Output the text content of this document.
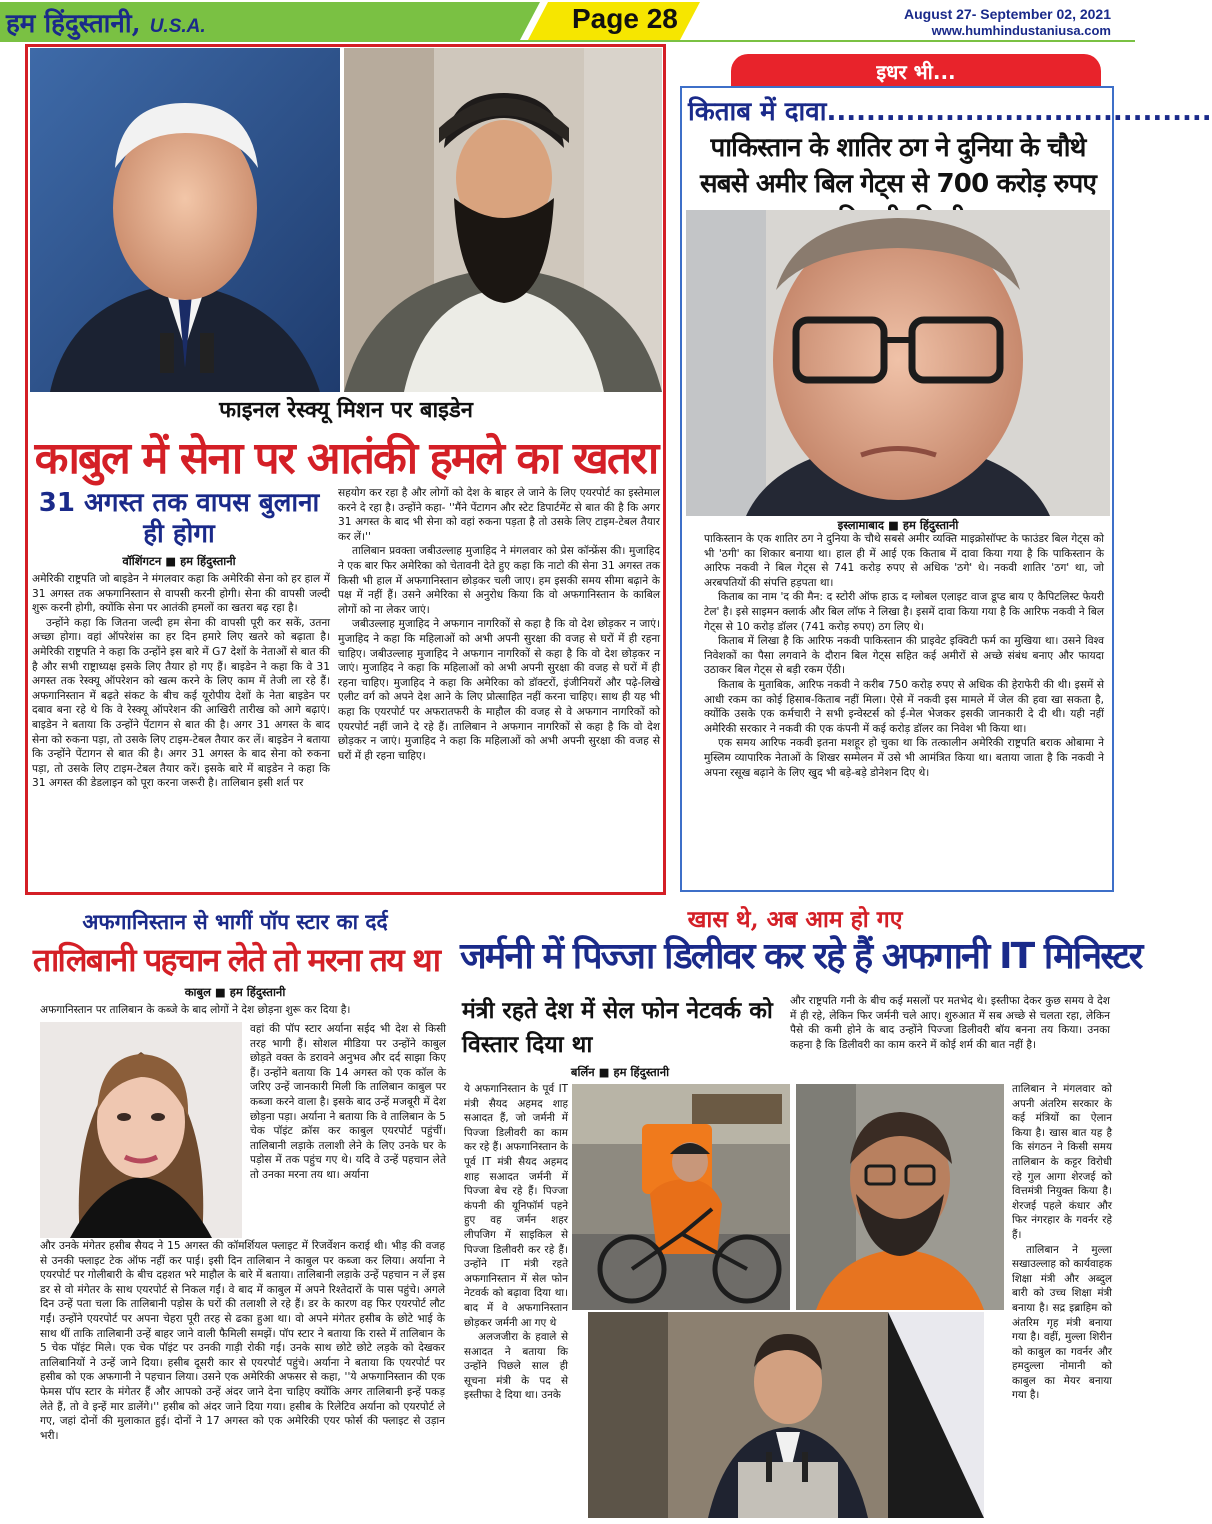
हम हिंदुस्तानी, U.S.A.	Page 28	August 27- September 02, 2021
www.humhindustaniusa.com
फाइनल रेस्क्यू मिशन पर बाइडेन
काबुल में सेना पर आतंकी हमले का खतरा
31 अगस्त तक वापस बुलाना ही होगा
वॉशिंगटन ■ हम हिंदुस्तानी

अमेरिकी राष्ट्रपति जो बाइडेन ने मंगलवार कहा कि अमेरिकी सेना को हर हाल में 31 अगस्त तक अफगानिस्तान से वापसी करनी होगी। सेना की वापसी जल्दी शुरू करनी होगी, क्योंकि सेना पर आतंकी हमलों का खतरा बढ़ रहा है।

उन्होंने कहा कि जितना जल्दी हम सेना की वापसी पूरी कर सकें, उतना अच्छा होगा। वहां ऑपरेशंस का हर दिन हमारे लिए खतरे को बढ़ाता है। अमेरिकी राष्ट्रपति ने कहा कि उन्होंने इस बारे में G7 देशों के नेताओं से बात की है और सभी राष्ट्राध्यक्ष इसके लिए तैयार हो गए हैं। बाइडेन ने कहा कि वे 31 अगस्त तक रेस्क्यू ऑपरेशन को खत्म करने के लिए काम में तेजी ला रहे हैं। अफगानिस्तान में बढ़ते संकट के बीच कई यूरोपीय देशों के नेता बाइडेन पर दबाव बना रहे थे कि वे रेस्क्यू ऑपरेशन की आखिरी तारीख को आगे बढ़ाएं। बाइडेन ने बताया कि उन्होंने पेंटागन से बात की है। अगर 31 अगस्त के बाद सेना को रुकना पड़ा, तो उसके लिए टाइम-टेबल तैयार कर लें। बाइडेन ने बताया कि उन्होंने पेंटागन से बात की है। अगर 31 अगस्त के बाद सेना को रुकना पड़ा, तो उसके लिए टाइम-टेबल तैयार करें। इसके बारे में बाइडेन ने कहा कि 31 अगस्त की डेडलाइन को पूरा करना जरूरी है। तालिबान इसी शर्त पर

सहयोग कर रहा है और लोगों को देश के बाहर ले जाने के लिए एयरपोर्ट का इस्तेमाल करने दे रहा है। उन्होंने कहा- ''मैंने पेंटागन और स्टेट डिपार्टमेंट से बात की है कि अगर 31 अगस्त के बाद भी सेना को वहां रुकना पड़ता है तो उसके लिए टाइम-टेबल तैयार कर लें।''

तालिबान प्रवक्ता जबीउल्लाह मुजाहिद ने मंगलवार को प्रेस कॉन्फ्रेंस की। मुजाहिद ने एक बार फिर अमेरिका को चेतावनी देते हुए कहा कि नाटो की सेना 31 अगस्त तक किसी भी हाल में अफगानिस्तान छोड़कर चली जाए। हम इसकी समय सीमा बढ़ाने के पक्ष में नहीं हैं। उसने अमेरिका से अनुरोध किया कि वो अफगानिस्तान के काबिल लोगों को ना लेकर जाएं।

जबीउल्लाह मुजाहिद ने अफगान नागरिकों से कहा है कि वो देश छोड़कर न जाएं। मुजाहिद ने कहा कि महिलाओं को अभी अपनी सुरक्षा की वजह से घरों में ही रहना चाहिए। जबीउल्लाह मुजाहिद ने अफगान नागरिकों से कहा है कि वो देश छोड़कर न जाएं। मुजाहिद ने कहा कि महिलाओं को अभी अपनी सुरक्षा की वजह से घरों में ही रहना चाहिए। मुजाहिद ने कहा कि अमेरिका को डॉक्टरों, इंजीनियरों और पढ़े-लिखे एलीट वर्ग को अपने देश आने के लिए प्रोत्साहित नहीं करना चाहिए। साथ ही यह भी कहा कि एयरपोर्ट पर अफरातफरी के माहौल की वजह से वे अफगान नागरिकों को एयरपोर्ट नहीं जाने दे रहे हैं। तालिबान ने अफगान नागरिकों से कहा है कि वो देश छोड़कर न जाएं। मुजाहिद ने कहा कि महिलाओं को अभी अपनी सुरक्षा की वजह से घरों में ही रहना चाहिए।

इधर भी...
किताब में दावा.......................................
पाकिस्तान के शातिर ठग ने दुनिया के चौथे सबसे अमीर बिल गेट्स से 700 करोड़ रुपए
इस्लामाबाद ■ हम हिंदुस्तानी

पाकिस्तान के एक शातिर ठग ने दुनिया के चौथे सबसे अमीर व्यक्ति माइक्रोसॉफ्ट के फाउंडर बिल गेट्स को भी 'ठगी' का शिकार बनाया था। हाल ही में आई एक किताब में दावा किया गया है कि पाकिस्तान के आरिफ नकवी ने बिल गेट्स से 741 करोड़ रुपए से अधिक 'ठगे' थे। नकवी शातिर 'ठग' था, जो अरबपतियों की संपत्ति हड़पता था।

किताब का नाम 'द की मैन: द स्टोरी ऑफ हाऊ द ग्लोबल एलाइट वाज डूप्ड बाय ए कैपिटलिस्ट फेयरी टेल' है। इसे साइमन क्लार्क और बिल लॉफ ने लिखा है। इसमें दावा किया गया है कि आरिफ नकवी ने बिल गेट्स से 10 करोड़ डॉलर (741 करोड़ रुपए) ठग लिए थे।

किताब में लिखा है कि आरिफ नकवी पाकिस्तान की प्राइवेट इक्विटी फर्म का मुखिया था। उसने विश्व निवेशकों का पैसा लगवाने के दौरान बिल गेट्स सहित कई अमीरों से अच्छे संबंध बनाए और फायदा उठाकर बिल गेट्स से बड़ी रकम ऐंठी।

किताब के मुताबिक, आरिफ नकवी ने करीब 750 करोड़ रुपए से अधिक की हेराफेरी की थी। इसमें से आधी रकम का कोई हिसाब-किताब नहीं मिला। ऐसे में नकवी इस मामले में जेल की हवा खा सकता है, क्योंकि उसके एक कर्मचारी ने सभी इन्वेस्टर्स को ई-मेल भेजकर इसकी जानकारी दे दी थी। यही नहीं अमेरिकी सरकार ने नकवी की एक कंपनी में कई करोड़ डॉलर का निवेश भी किया था।

एक समय आरिफ नकवी इतना मशहूर हो चुका था कि तत्कालीन अमेरिकी राष्ट्रपति बराक ओबामा ने मुस्लिम व्यापारिक नेताओं के शिखर सम्मेलन में उसे भी आमंत्रित किया था। बताया जाता है कि नकवी ने अपना रसूख बढ़ाने के लिए खुद भी बड़े-बड़े डोनेशन दिए थे।

अफगानिस्तान से भागीं पॉप स्टार का दर्द
तालिबानी पहचान लेते तो मरना तय था
काबुल ■ हम हिंदुस्तानी
अफगानिस्तान पर तालिबान के कब्जे के बाद लोगों ने देश छोड़ना शुरू कर दिया है।
वहां की पॉप स्टार अर्याना सईद भी देश से किसी तरह भागी हैं। सोशल मीडिया पर उन्होंने काबुल छोड़ते वक्त के डरावने अनुभव और दर्द साझा किए हैं। उन्होंने बताया कि 14 अगस्त को एक कॉल के जरिए उन्हें जानकारी मिली कि तालिबान काबुल पर कब्जा करने वाला है। इसके बाद उन्हें मजबूरी में देश छोड़ना पड़ा। अर्याना ने बताया कि वे तालिबान के 5 चेक पॉइंट क्रॉस कर काबुल एयरपोर्ट पहुंचीं। तालिबानी लड़ाके तलाशी लेने के लिए उनके घर के पड़ोस में तक पहुंच गए थे। यदि वे उन्हें पहचान लेते तो उनका मरना तय था। अर्याना
और उनके मंगेतर हसीब सैयद ने 15 अगस्त की कॉमर्शियल फ्लाइट में रिजर्वेशन कराई थी। भीड़ की वजह से उनकी फ्लाइट टेक ऑफ नहीं कर पाई। इसी दिन तालिबान ने काबुल पर कब्जा कर लिया। अर्याना ने एयरपोर्ट पर गोलीबारी के बीच दहशत भरे माहौल के बारे में बताया। तालिबानी लड़ाके उन्हें पहचान न लें इस डर से वो मंगेतर के साथ एयरपोर्ट से निकल गईं। वे बाद में काबुल में अपने रिश्तेदारों के पास पहुंचे। अगले दिन उन्हें पता चला कि तालिबानी पड़ोस के घरों की तलाशी ले रहे हैं। डर के कारण वह फिर एयरपोर्ट लौट गईं। उन्होंने एयरपोर्ट पर अपना चेहरा पूरी तरह से ढका हुआ था। वो अपने मंगेतर हसीब के छोटे भाई के साथ थीं ताकि तालिबानी उन्हें बाहर जाने वाली फैमिली समझें। पॉप स्टार ने बताया कि रास्ते में तालिबान के 5 चेक पॉइंट मिले। एक चेक पॉइंट पर उनकी गाड़ी रोकी गई। उनके साथ छोटे छोटे लड़के को देखकर तालिबानियों ने उन्हें जाने दिया। हसीब दूसरी कार से एयरपोर्ट पहुंचे। अर्याना ने बताया कि एयरपोर्ट पर हसीब को एक अफगानी ने पहचान लिया। उसने एक अमेरिकी अफसर से कहा, ''ये अफगानिस्तान की एक फेमस पॉप स्टार के मंगेतर हैं और आपको उन्हें अंदर जाने देना चाहिए क्योंकि अगर तालिबानी इन्हें पकड़ लेते हैं, तो वे इन्हें मार डालेंगे।'' हसीब को अंदर जाने दिया गया। हसीब के रिलेटिव अर्याना को एयरपोर्ट ले गए, जहां दोनों की मुलाकात हुई। दोनों ने 17 अगस्त को एक अमेरिकी एयर फोर्स की फ्लाइट से उड़ान भरी।
खास थे, अब आम हो गए
जर्मनी में पिज्जा डिलीवर कर रहे हैं अफगानी IT मिनिस्टर
मंत्री रहते देश में सेल फोन नेटवर्क को विस्तार दिया था
बर्लिन ■ हम हिंदुस्तानी
और राष्ट्रपति गनी के बीच कई मसलों पर मतभेद थे। इस्तीफा देकर कुछ समय वे देश में ही रहे, लेकिन फिर जर्मनी चले आए। शुरुआत में सब अच्छे से चलता रहा, लेकिन पैसे की कमी होने के बाद उन्होंने पिज्जा डिलीवरी बॉय बनना तय किया। उनका कहना है कि डिलीवरी का काम करने में कोई शर्म की बात नहीं है।

ये अफगानिस्तान के पूर्व IT मंत्री सैयद अहमद शाह सआदत हैं, जो जर्मनी में पिज्जा डिलीवरी का काम कर रहे हैं। अफगानिस्तान के पूर्व IT मंत्री सैयद अहमद शाह सआदत जर्मनी में पिज्जा बेच रहे हैं। पिज्जा कंपनी की यूनिफॉर्म पहने हुए वह जर्मन शहर लीपजिग में साइकिल से पिज्जा डिलीवरी कर रहे हैं। उन्होंने IT मंत्री रहते अफगानिस्तान में सेल फोन नेटवर्क को बढ़ावा दिया था। बाद में वे अफगानिस्तान छोड़कर जर्मनी आ गए थे

अलजजीरा के हवाले से सआदत ने बताया कि उन्होंने पिछले साल ही सूचना मंत्री के पद से इस्तीफा दे दिया था। उनके

तालिबान ने मंगलवार को अपनी अंतरिम सरकार के कई मंत्रियों का ऐलान किया है। खास बात यह है कि संगठन ने किसी समय तालिबान के कट्टर विरोधी रहे गुल आगा शेरजई को वित्तमंत्री नियुक्त किया है। शेरजई पहले कंधार और फिर नंगरहार के गवर्नर रहे हैं।

तालिबान ने मुल्ला सखाउल्लाह को कार्यवाहक शिक्षा मंत्री और अब्दुल बारी को उच्च शिक्षा मंत्री बनाया है। सद्र इब्राहिम को अंतरिम गृह मंत्री बनाया गया है। वहीं, मुल्ला शिरीन को काबुल का गवर्नर और हमदुल्ला नोमानी को काबुल का मेयर बनाया गया है।
